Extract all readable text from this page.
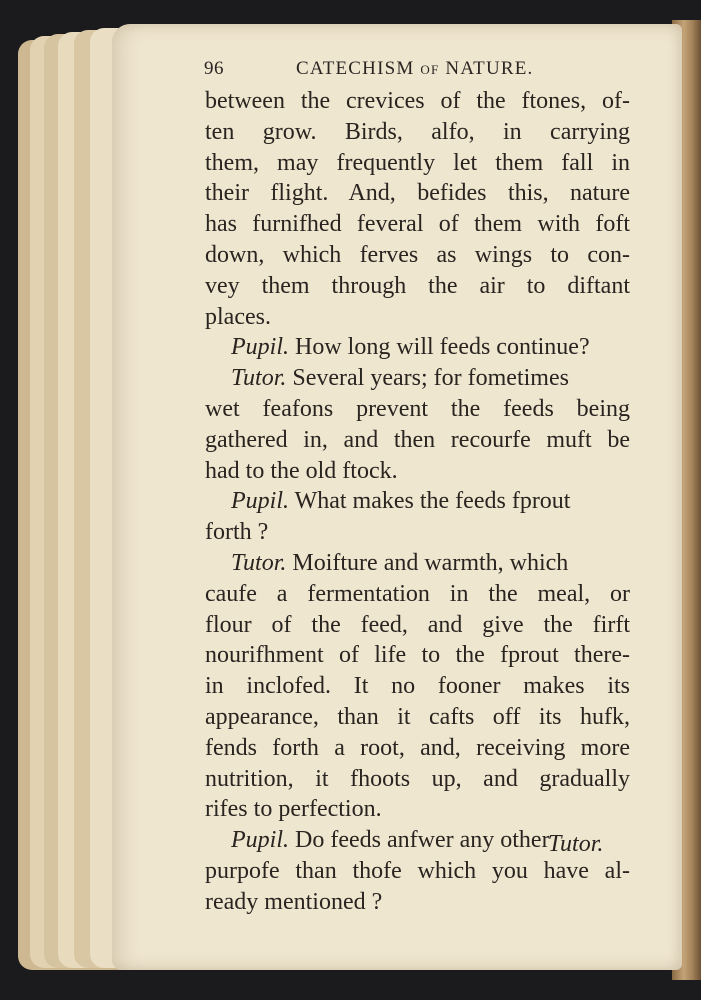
96	CATECHISM of NATURE.
between the crevices of the ftones, of-
ten grow. Birds, alfo, in carrying
them, may frequently let them fall in
their flight. And, befides this, nature
has furnifhed feveral of them with foft
down, which ferves as wings to con-
vey them through the air to diftant
places.
Pupil. How long will feeds continue?
Tutor. Several years; for fometimes
wet feafons prevent the feeds being
gathered in, and then recourfe muft be
had to the old ftock.
Pupil. What makes the feeds fprout
forth ?
Tutor. Moifture and warmth, which
caufe a fermentation in the meal, or
flour of the feed, and give the firft
nourifhment of life to the fprout there-
in inclofed. It no fooner makes its
appearance, than it cafts off its hufk,
fends forth a root, and, receiving more
nutrition, it fhoots up, and gradually
rifes to perfection.
Pupil. Do feeds anfwer any other
purpofe than thofe which you have al-
ready mentioned ?
Tutor.
